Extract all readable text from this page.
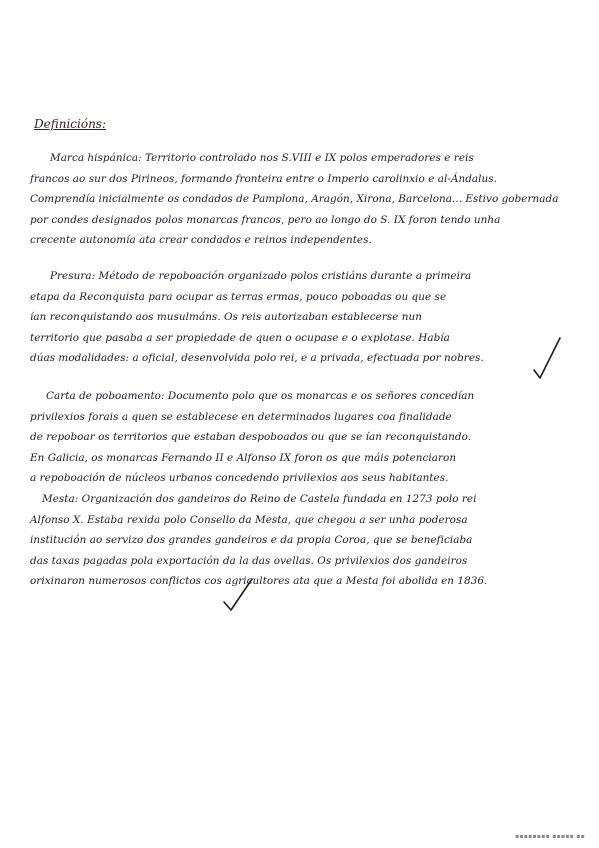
Definicións:
Marca hispánica: Territorio controlado nos S.VIII e IX polos emperadores e reis
francos ao sur dos Pirineos, formando fronteira entre o Imperio carolinxio e al-Ándalus.
Comprendía inicialmente os condados de Pamplona, Aragón, Xirona, Barcelona... Estivo gobernada
por condes designados polos monarcas francos, pero ao longo do S. IX foron tendo unha
crecente autonomía ata crear condados e reinos independentes.
Presura: Método de repoboación organizado polos cristiáns durante a primeira
etapa da Reconquista para ocupar as terras ermas, pouco poboadas ou que se
ían reconquistando aos musulmáns. Os reis autorizaban establecerse nun
territorio que pasaba a ser propiedade de quen o ocupase e o explotase. Había
dúas modalidades: a oficial, desenvolvida polo rei, e a privada, efectuada por nobres.
Carta de poboamento: Documento polo que os monarcas e os señores concedían
privilexios forais a quen se establecese en determinados lugares coa finalidade
de repoboar os territorios que estaban despoboados ou que se ían reconquistando.
En Galicia, os monarcas Fernando II e Alfonso IX foron os que máis potenciaron
a repoboación de núcleos urbanos concedendo privilexios aos seus habitantes.
Mesta: Organización dos gandeiros do Reino de Castela fundada en 1273 polo rei
Alfonso X. Estaba rexida polo Consello da Mesta, que chegou a ser unha poderosa
institución ao servizo dos grandes gandeiros e da propia Coroa, que se beneficiaba
das taxas pagadas pola exportación da la das ovellas. Os privilexios dos gandeiros
orixinaron numerosos conflictos cos agricultores ata que a Mesta foi abolida en 1836.
▪▪▪▪▪▪▪▪ ▪▪▪▪▪ ▪▪
